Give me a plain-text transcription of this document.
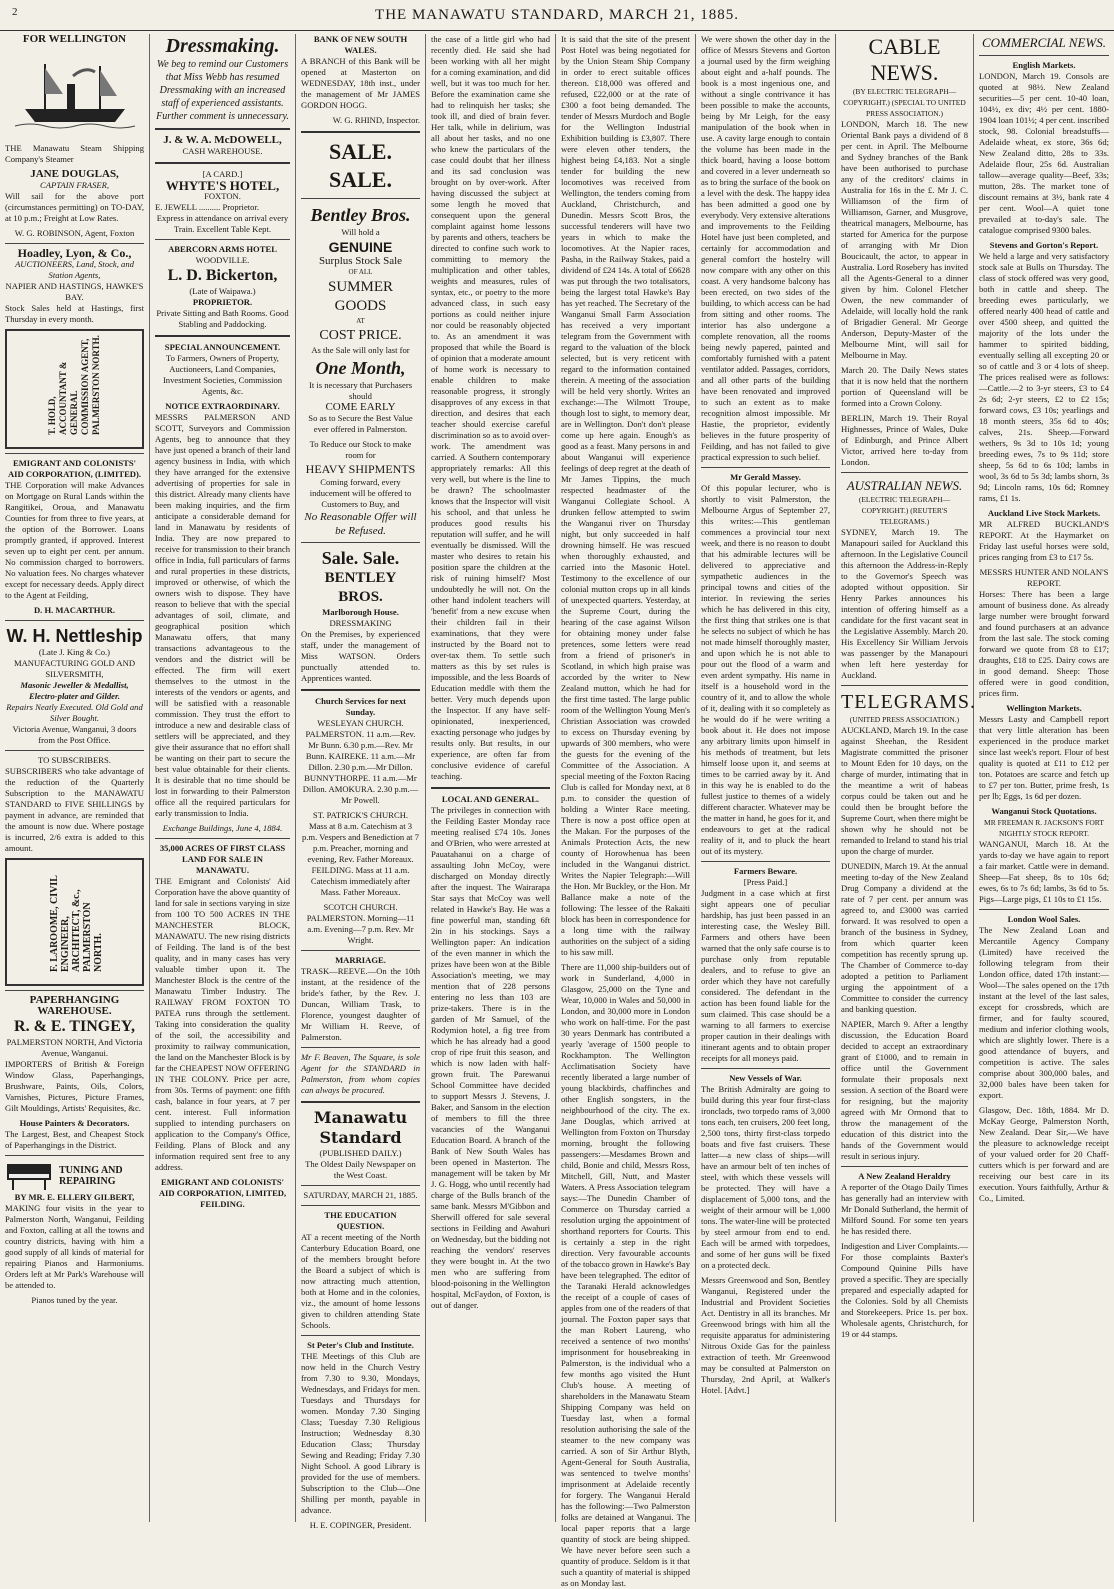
2	THE MANAWATU STANDARD, MARCH 21, 1885.
FOR WELLINGTON

THE Manawatu Steam Shipping Company's Steamer

JANE DOUGLAS,
CAPTAIN FRASER,

Will sail for the above port (circumstances permitting) on TO-DAY, at 10 p.m.; Freight at Low Rates.

W. G. ROBINSON, Agent, Foxton
Hoadley, Lyon, & Co.,
AUCTIONEERS, Land, Stock, and Station Agents,
NAPIER AND HASTINGS, HAWKE'S BAY.

Stock Sales held at Hastings, first Thursday in every month.

T. HOLD, ACCOUNTANT & GENERAL COMMISSION AGENT, PALMERSTON NORTH.
EMIGRANT AND COLONISTS' AID CORPORATION, (LIMITED).

THE Corporation will make Advances on Mortgage on Rural Lands within the Rangitikei, Oroua, and Manawatu Counties for from three to five years, at the option of the Borrower. Loans promptly granted, if approved. Interest seven up to eight per cent. per annum. No commission charged to borrowers. No valuation fees. No charges whatever except for necessary deeds. Apply direct to the Agent at Feilding,

D. H. MACARTHUR.
W. H. Nettleship
(Late J. King & Co.) MANUFACTURING GOLD AND SILVERSMITH,
Masonic Jeweller & Medallist, Electro-plater and Gilder.
Repairs Neatly Executed. Old Gold and Silver Bought.
Victoria Avenue, Wanganui, 3 doors from the Post Office.
TO SUBSCRIBERS.

SUBSCRIBERS who take advantage of the reduction of the Quarterly Subscription to the MANAWATU STANDARD to FIVE SHILLINGS by payment in advance, are reminded that the amount is now due. Where postage is incurred, 2/6 extra is added to this amount.

F. LAROOME, CIVIL ENGINEER, ARCHITECT, &c., PALMERSTON NORTH.
PAPERHANGING WAREHOUSE.
R. & E. TINGEY,
PALMERSTON NORTH, And Victoria Avenue, Wanganui.

IMPORTERS of British & Foreign Window Glass, Paperhangings, Brushware, Paints, Oils, Colors, Varnishes, Pictures, Picture Frames, Gilt Mouldings, Artists' Requisites, &c.

House Painters & Decorators.

The Largest, Best, and Cheapest Stock of Paperhangings in the District.

TUNING AND REPAIRING
BY MR. E. ELLERY GILBERT,

MAKING four visits in the year to Palmerston North, Wanganui, Feilding and Foxton, calling at all the towns and country districts, having with him a good supply of all kinds of material for repairing Pianos and Harmoniums. Orders left at Mr Park's Warehouse will be attended to.

Pianos tuned by the year.
Dressmaking.

We beg to remind our Customers that Miss Webb has resumed Dressmaking with an increased staff of experienced assistants. Further comment is unnecessary.

J. & W. A. McDOWELL,
CASH WAREHOUSE.
[A CARD.]
WHYTE'S HOTEL,
FOXTON.
E. JEWELL .......... Proprietor.

Express in attendance on arrival every Train. Excellent Table Kept.

ABERCORN ARMS HOTEL
WOODVILLE.
L. D. Bickerton,
(Late of Waipawa.)
PROPRIETOR.

Private Sitting and Bath Rooms. Good Stabling and Paddocking.

SPECIAL ANNOUNCEMENT.

To Farmers, Owners of Property, Auctioneers, Land Companies, Investment Societies, Commission Agents, &c.

NOTICE EXTRAORDINARY.

MESSRS PALMERSON AND SCOTT, Surveyors and Commission Agents, beg to announce that they have just opened a branch of their land agency business in India, with which they have arranged for the extensive advertising of properties for sale in this district. Already many clients have been making inquiries, and the firm anticipate a considerable demand for land in Manawatu by residents of India. They are now prepared to receive for transmission to their branch office in India, full particulars of farms and rural properties in these districts, improved or otherwise, of which the owners wish to dispose. They have reason to believe that with the special advantages of soil, climate, and geographical position which Manawatu offers, that many transactions advantageous to the vendors and the district will be effected. The firm will exert themselves to the utmost in the interests of the vendors or agents, and will be satisfied with a reasonable commission. They trust the effort to introduce a new and desirable class of settlers will be appreciated, and they give their assurance that no effort shall be wanting on their part to secure the best value obtainable for their clients. It is desirable that no time should be lost in forwarding to their Palmerston office all the required particulars for early transmission to India.

Exchange Buildings, June 4, 1884.
35,000 ACRES OF FIRST CLASS LAND FOR SALE IN MANAWATU.

THE Emigrant and Colonists' Aid Corporation have the above quantity of land for sale in sections varying in size from 100 TO 500 ACRES IN THE MANCHESTER BLOCK, MANAWATU. The new rising districts of Feilding. The land is of the best quality, and in many cases has very valuable timber upon it. The Manchester Block is the centre of the Manawatu Timber Industry. The RAILWAY FROM FOXTON TO PATEA runs through the settlement. Taking into consideration the quality of the soil, the accessibility and proximity to railway communication, the land on the Manchester Block is by far the CHEAPEST NOW OFFERING IN THE COLONY. Price per acre, from 30s. Terms of payment: one fifth cash, balance in four years, at 7 per cent. interest. Full information supplied to intending purchasers on application to the Company's Office, Feilding. Plans of Block and any information required sent free to any address.

EMIGRANT AND COLONISTS' AID CORPORATION, LIMITED, FEILDING.
BANK OF NEW SOUTH WALES.

A BRANCH of this Bank will be opened at Masterton on WEDNESDAY, 18th inst., under the management of Mr JAMES GORDON HOGG.

W. G. RHIND, Inspector.
SALE. SALE.
Bentley Bros.
Will hold a
GENUINE
Surplus Stock Sale
OF ALL
SUMMER GOODS
AT
COST PRICE.
As the Sale will only last for
One Month,
It is necessary that Purchasers should
COME EARLY
So as to Secure the Best Value ever offered in Palmerston.
To Reduce our Stock to make room for
HEAVY SHIPMENTS
Coming forward, every inducement will be offered to Customers to Buy, and
No Reasonable Offer will be Refused.
Sale. Sale.
BENTLEY BROS.
Marlborough House.
DRESSMAKING

On the Premises, by experienced staff, under the management of Miss WATSON. Orders punctually attended to. Apprentices wanted.

Church Services for next Sunday.
WESLEYAN CHURCH.

PALMERSTON. 11 a.m.—Rev. Mr Bunn. 6.30 p.m.—Rev. Mr Bunn. KAIREKE. 11 a.m.—Mr Dillon. 2.30 p.m.—Mr Dillon. BUNNYTHORPE. 11 a.m.—Mr Dillon. AMOKURA. 2.30 p.m.—Mr Powell.

ST. PATRICK'S CHURCH.

Mass at 8 a.m. Catechism at 3 p.m. Vespers and Benediction at 7 p.m. Preacher, morning and evening, Rev. Father Moreaux. FEILDING. Mass at 11 a.m. Catechism immediately after Mass. Father Moreaux.

SCOTCH CHURCH.

PALMERSTON. Morning—11 a.m. Evening—7 p.m. Rev. Mr Wright.

MARRIAGE.

TRASK—REEVE.—On the 10th instant, at the residence of the bride's father, by the Rev. J. Duncan, William Trask, to Florence, youngest daughter of Mr William H. Reeve, of Palmerston.

Mr F. Beaven, The Square, is sole Agent for the STANDARD in Palmerston, from whom copies can always be procured.

Manawatu Standard
(PUBLISHED DAILY.)
The Oldest Daily Newspaper on the West Coast.
SATURDAY, MARCH 21, 1885.
THE EDUCATION QUESTION.

AT a recent meeting of the North Canterbury Education Board, one of the members brought before the Board a subject of which is now attracting much attention, both at Home and in the colonies, viz., the amount of home lessons given to children attending State Schools.

St Peter's Club and Institute.

THE Meetings of this Club are now held in the Church Vestry from 7.30 to 9.30, Mondays, Wednesdays, and Fridays for men. Tuesdays and Thursdays for women. Monday 7.30 Singing Class; Tuesday 7.30 Religious Instruction; Wednesday 8.30 Education Class; Thursday Sewing and Reading; Friday 7.30 Night School. A good Library is provided for the use of members. Subscription to the Club—One Shilling per month, payable in advance.

H. E. COPINGER, President.

the case of a little girl who had recently died. He said she had been working with all her might for a coming examination, and did well, but it was too much for her. Before the examination came she had to relinquish her tasks; she took ill, and died of brain fever. Her talk, while in delirium, was all about her tasks, and no one who knew the particulars of the case could doubt that her illness and its sad conclusion was brought on by over-work. After having discussed the subject at some length he moved that consequent upon the general complaint against home lessons by parents and others, teachers be directed to confine such work to committing to memory the multiplication and other tables, weights and measures, rules of syntax, etc., or poetry to the more advanced class, in such easy portions as could neither injure nor could be reasonably objected to. As an amendment it was proposed that while the Board is of opinion that a moderate amount of home work is necessary to enable children to make reasonable progress, it strongly disapproves of any excess in that direction, and desires that each teacher should exercise careful discrimination so as to avoid over-work. The amendment was carried. A Southern contemporary appropriately remarks: All this very well, but where is the line to be drawn? The schoolmaster knows that the Inspector will visit his school, and that unless he produces good results his reputation will suffer, and he will eventually be dismissed. Will the master who desires to retain his position spare the children at the risk of ruining himself? Most undoubtedly he will not. On the other hand indolent teachers will 'benefit' from a new excuse when their children fail in their examinations, that they were instructed by the Board not to over-tax them. To settle such matters as this by set rules is impossible, and the less Boards of Education meddle with them the better. Very much depends upon the Inspector. If any have self-opinionated, inexperienced, exacting personage who judges by results only. But results, in our experience, are often far from conclusive evidence of careful teaching.

LOCAL AND GENERAL.

The privileges in connection with the Feilding Easter Monday race meeting realised £74 10s. Jones and O'Brien, who were arrested at Pauatahanui on a charge of assaulting John McCoy, were discharged on Monday directly after the inquest. The Wairarapa Star says that McCoy was well related in Hawke's Bay. He was a fine powerful man, standing 6ft 2in in his stockings. Says a Wellington paper: An indication of the even manner in which the prizes have been won at the Bible Association's meeting, we may mention that of 228 persons entering no less than 103 are prize-takers. There is in the garden of Mr Samuel, of the Rodymion hotel, a fig tree from which he has already had a good crop of ripe fruit this season, and which is now laden with half-grown fruit. The Parewanui School Committee have decided to support Messrs J. Stevens, J. Baker, and Sansom in the election of members to fill the three vacancies of the Wanganui Education Board. A branch of the Bank of New South Wales has been opened in Masterton. The management will be taken by Mr J. G. Hogg, who until recently had charge of the Bulls branch of the same bank. Messrs M'Gibbon and Sherwill offered for sale several sections in Feilding and Awahuri on Wednesday, but the bidding not reaching the vendors' reserves they were bought in. At the two men who are suffering from blood-poisoning in the Wellington hospital, McFaydon, of Foxton, is out of danger.

It is said that the site of the present Post Hotel was being negotiated for by the Union Steam Ship Company in order to erect suitable offices thereon. £18,000 was offered and refused, £22,000 or at the rate of £300 a foot being demanded. The tender of Messrs Murdoch and Bogle for the Wellington Industrial Exhibition building is £3,807. There were eleven other tenders, the highest being £4,183. Not a single tender for building the new locomotives was received from Wellington, the tenders coming from Auckland, Christchurch, and Dunedin. Messrs Scott Bros, the successful tenderers will have two years in which to make the locomotives. At the Napier races, Pasha, in the Railway Stakes, paid a dividend of £24 14s. A total of £6628 was put through the two totalisators, being the largest total Hawke's Bay has yet reached. The Secretary of the Wanganui Small Farm Association has received a very important telegram from the Government with regard to the valuation of the block selected, but is very reticent with regard to the information contained therein. A meeting of the association will be held very shortly. Writes an exchange:—The Wilmott Troupe, though lost to sight, to memory dear, are in Wellington. Don't don't please come up here again. Enough's as good as a feast. Many persons in and about Wanganui will experience feelings of deep regret at the death of Mr James Tippins, the much respected headmaster of the Wanganui Collegiate School. A drunken fellow attempted to swim the Wanganui river on Thursday night, but only succeeded in half drowning himself. He was rescued when thoroughly exhausted, and carried into the Masonic Hotel. Testimony to the excellence of our colonial mutton crops up in all kinds of unexpected quarters. Yesterday, at the Supreme Court, during the hearing of the case against Wilson for obtaining money under false pretences, some letters were read from a friend of prisoner's in Scotland, in which high praise was accorded by the writer to New Zealand mutton, which he had for the first time tasted. The large public room of the Wellington Young Men's Christian Association was crowded to excess on Thursday evening by upwards of 300 members, who were the guests for the evening of the Committee of the Association. A special meeting of the Foxton Racing Club is called for Monday next, at 8 p.m. to consider the question of holding a Winter Race meeting. There is now a post office open at the Makan. For the purposes of the Animals Protection Acts, the new county of Horowhenua has been included in the Wanganui district. Writes the Napier Telegraph:—Will the Hon. Mr Buckley, or the Hon. Mr Ballance make a note of the following: The lessee of the Rakaiti block has been in correspondence for a long time with the railway authorities on the subject of a siding to his saw mill.

There are 11,000 ship-builders out of work in Sunderland, 4,000 in Glasgow, 25,000 on the Tyne and Wear, 10,000 in Wales and 50,000 in London, and 30,000 more in London who work on half-time. For the past 30 years Denmark has contributed a yearly 'average of 1500 people to Rockhampton. The Wellington Acclimatisation Society have recently liberated a large number of young blackbirds, chaffinches and other English songsters, in the neighbourhood of the city. The ex. Jane Douglas, which arrived at Wellington from Foxton on Thursday morning, brought the following passengers:—Mesdames Brown and child, Bonie and child, Messrs Ross, Mitchell, Gill, Nutt, and Master Waters. A Press Association telegram says:—The Dunedin Chamber of Commerce on Thursday carried a resolution urging the appointment of shorthand reporters for Courts. This is certainly a step in the right direction. Very favourable accounts of the tobacco grown in Hawke's Bay have been telegraphed. The editor of the Taranaki Herald acknowledges the receipt of a couple of cases of apples from one of the readers of that journal. The Foxton paper says that the man Robert Laureng, who received a sentence of two months' imprisonment for housebreaking in Palmerston, is the individual who a few months ago visited the Hunt Club's house. A meeting of shareholders in the Manawatu Steam Shipping Company was held on Tuesday last, when a formal resolution authorising the sale of the steamer to the new company was carried. A son of Sir Arthur Blyth, Agent-General for South Australia, was sentenced to twelve months' imprisonment at Adelaide recently for forgery. The Wanganui Herald has the following:—Two Palmerston folks are detained at Wanganui. The local paper reports that a large quantity of stock are being shipped. We have never before seen such a quantity of produce. Seldom is it that such a quantity of material is shipped as on Monday last.

We were shown the other day in the office of Messrs Stevens and Gorton a journal used by the firm weighing about eight and a-half pounds. The book is a most ingenious one, and without a single contrivance it has been possible to make the accounts, being by Mr Leigh, for the easy manipulation of the book when in use. A cavity large enough to contain the volume has been made in the thick board, having a loose bottom and covered in a lever underneath so as to bring the surface of the book on a level with the desk. The happy idea has been admitted a good one by everybody. Very extensive alterations and improvements to the Feilding Hotel have just been completed, and certainly for accommodation and general comfort the hostelry will now compare with any other on this coast. A very handsome balcony has been erected, on two sides of the building, to which access can be had from sitting and other rooms. The interior has also undergone a complete renovation, all the rooms being newly papered, painted and comfortably furnished with a patent ventilator added. Passages, corridors, and all other parts of the building have been renovated and improved to such an extent as to make recognition almost impossible. Mr Hastie, the proprietor, evidently believes in the future prosperity of Feilding, and has not failed to give practical expression to such belief.

Mr Gerald Massey.

Of this popular lecturer, who is shortly to visit Palmerston, the Melbourne Argus of September 27, this writes:—This gentleman commences a provincial tour next week, and there is no reason to doubt that his admirable lectures will be delivered to appreciative and sympathetic audiences in the principal towns and cities of the interior. In reviewing the series which he has delivered in this city, the first thing that strikes one is that he selects no subject of which he has not made himself thoroughly master, and upon which he is not able to pour out the flood of a warm and even ardent sympathy. His name in itself is a household word in the country of it, and to allow the whole of it, dealing with it so completely as he would do if he were writing a book about it. He does not impose any arbitrary limits upon himself in his methods of treatment, but lets himself loose upon it, and seems at times to be carried away by it. And in this way he is enabled to do the fullest justice to themes of a widely different character. Whatever may be the matter in hand, he goes for it, and endeavours to get at the radical reality of it, and to pluck the heart out of its mystery.

Farmers Beware.
[Press Paid.]

Judgment in a case which at first sight appears one of peculiar hardship, has just been passed in an interesting case, the Wesley Bill. Farmers and others have been warned that the only safe course is to purchase only from reputable dealers, and to refuse to give an order which they have not carefully considered. The defendant in the action has been found liable for the sum claimed. This case should be a warning to all farmers to exercise proper caution in their dealings with itinerant agents and to obtain proper receipts for all moneys paid.

New Vessels of War.

The British Admiralty are going to build during this year four first-class ironclads, two torpedo rams of 3,000 tons each, ten cruisers, 200 feet long, 2,500 tons, thirty first-class torpedo boats and five fast cruisers. These latter—a new class of ships—will have an armour belt of ten inches of steel, with which these vessels will be protected. They will have a displacement of 5,000 tons, and the weight of their armour will be 1,000 tons. The water-line will be protected by steel armour from end to end. Each will be armed with torpedoes, and some of her guns will be fixed on a protected deck.

Messrs Greenwood and Son, Bentley Wanganui, Registered under the Industrial and Provident Societies Act. Dentistry in all its branches. Mr Greenwood brings with him all the requisite apparatus for administering Nitrous Oxide Gas for the painless extraction of teeth. Mr Greenwood may be consulted at Palmerston on Thursday, 2nd April, at Walker's Hotel. [Advt.]

CABLE NEWS.
(BY ELECTRIC TELEGRAPH—COPYRIGHT.) (SPECIAL TO UNITED PRESS ASSOCIATION.)

LONDON, March 18. The new Oriental Bank pays a dividend of 8 per cent. in April. The Melbourne and Sydney branches of the Bank have been authorised to purchase any of the creditors' claims in Australia for 16s in the £. Mr J. C. Williamson of the firm of Williamson, Garner, and Musgrove, theatrical managers, Melbourne, has started for America for the purpose of arranging with Mr Dion Boucicault, the actor, to appear in Australia. Lord Rosebery has invited all the Agents-General to a dinner given by him. Colonel Fletcher Owen, the new commander of Adelaide, will locally hold the rank of Brigadier General. Mr George Anderson, Deputy-Master of the Melbourne Mint, will sail for Melbourne in May.

March 20. The Daily News states that it is now held that the northern portion of Queensland will be formed into a Crown Colony.

BERLIN, March 19. Their Royal Highnesses, Prince of Wales, Duke of Edinburgh, and Prince Albert Victor, arrived here to-day from London.

AUSTRALIAN NEWS.
(ELECTRIC TELEGRAPH—COPYRIGHT.) (REUTER'S TELEGRAMS.)

SYDNEY, March 19. The Manapouri sailed for Auckland this afternoon. In the Legislative Council this afternoon the Address-in-Reply to the Governor's Speech was adopted without opposition. Sir Henry Parkes announces his intention of offering himself as a candidate for the first vacant seat in the Legislative Assembly. March 20. His Excellency Sir William Jervois was passenger by the Manapouri when left here yesterday for Auckland.

TELEGRAMS.
(UNITED PRESS ASSOCIATION.)

AUCKLAND, March 19. In the case against Sheehan, the Resident Magistrate committed the prisoner to Mount Eden for 10 days, on the charge of murder, intimating that in the meantime a writ of habeas corpus could be taken out and he could then be brought before the Supreme Court, when there might be shown why he should not be remanded to Ireland to stand his trial upon the charge of murder.

DUNEDIN, March 19. At the annual meeting to-day of the New Zealand Drug Company a dividend at the rate of 7 per cent. per annum was agreed to, and £3000 was carried forward. It was resolved to open a branch of the business in Sydney, from which quarter keen competition has recently sprung up. The Chamber of Commerce to-day adopted a petition to Parliament urging the appointment of a Committee to consider the currency and banking question.

NAPIER, March 9. After a lengthy discussion, the Education Board decided to accept an extraordinary grant of £1000, and to remain in office until the Government formulate their proposals next session. A section of the Board were for resigning, but the majority agreed with Mr Ormond that to throw the management of the education of this district into the hands of the Government would result in serious injury.

A New Zealand Heraldry

A reporter of the Otago Daily Times has generally had an interview with Mr Donald Sutherland, the hermit of Milford Sound. For some ten years he has resided there.

Indigestion and Liver Complaints.—For those complaints Baxter's Compound Quinine Pills have proved a specific. They are specially prepared and especially adapted for the Colonies. Sold by all Chemists and Storekeepers. Price 1s. per box. Wholesale agents, Christchurch, for 19 or 44 stamps.

COMMERCIAL NEWS.
English Markets.

LONDON, March 19. Consols are quoted at 98½. New Zealand securities—5 per cent. 10-40 loan, 104½, ex div; 4½ per cent. 1880-1904 loan 101½; 4 per cent. inscribed stock, 98. Colonial breadstuffs—Adelaide wheat, ex store, 36s 6d; New Zealand ditto, 28s to 33s. Adelaide flour, 25s 6d. Australian tallow—average quality—Beef, 33s; mutton, 28s. The market tone of discount remains at 3½, bank rate 4 per cent. Wool—A quiet tone prevailed at to-day's sale. The catalogue comprised 9300 bales.

Stevens and Gorton's Report.

We held a large and very satisfactory stock sale at Bulls on Thursday. The class of stock offered was very good, both in cattle and sheep. The breeding ewes particularly, we offered nearly 400 head of cattle and over 4500 sheep, and quitted the majority of the lots under the hammer to spirited bidding, eventually selling all excepting 20 or so of cattle and 3 or 4 lots of sheep. The prices realised were as follows:—Cattle.—2 to 3-yr steers, £3 to £4 2s 6d; 2-yr steers, £2 to £2 15s; forward cows, £3 10s; yearlings and 18 month steers, 35s 6d to 40s; calves, 21s. Sheep.—Forward wethers, 9s 3d to 10s 1d; young breeding ewes, 7s to 9s 11d; store sheep, 5s 6d to 6s 10d; lambs in wool, 3s 6d to 5s 3d; lambs shorn, 3s 9d; Lincoln rams, 10s 6d; Romney rams, £1 1s.

Auckland Live Stock Markets.

MR ALFRED BUCKLAND'S REPORT. At the Haymarket on Friday last useful horses were sold, prices ranging from £3 to £17 5s.

MESSRS HUNTER AND NOLAN'S REPORT.

Horses: There has been a large amount of business done. As already large number were brought forward and found purchasers at an advance from the last sale. The stock coming forward we quote from £8 to £17; draughts, £18 to £25. Dairy cows are in good demand. Sheep: Those offered were in good condition, prices firm.

Wellington Markets.

Messrs Lasty and Campbell report that very little alteration has been experienced in the produce market since last week's report. Flour of best quality is quoted at £11 to £12 per ton. Potatoes are scarce and fetch up to £7 per ton. Butter, prime fresh, 1s per lb; Eggs, 1s 6d per dozen.

Wanganui Stock Quotations.
MR FREEMAN R. JACKSON'S FORT NIGHTLY STOCK REPORT.

WANGANUI, March 18. At the yards to-day we have again to report a fair market. Cattle were in demand. Sheep—Fat sheep, 8s to 10s 6d; ewes, 6s to 7s 6d; lambs, 3s 6d to 5s. Pigs—Large pigs, £1 10s to £1 15s.

London Wool Sales.

The New Zealand Loan and Mercantile Agency Company (Limited) have received the following telegram from their London office, dated 17th instant:—Wool—The sales opened on the 17th instant at the level of the last sales, except for crossbreds, which are firmer, and for faulty scoured, medium and inferior clothing wools, which are slightly lower. There is a good attendance of buyers, and competition is active. The sales comprise about 300,000 bales, and 32,000 bales have been taken for export.

Glasgow, Dec. 18th, 1884. Mr D. McKay George, Palmerston North, New Zealand. Dear Sir,—We have the pleasure to acknowledge receipt of your valued order for 20 Chaff-cutters which is per forward and are receiving our best care in its execution. Yours faithfully, Arthur & Co., Limited.
